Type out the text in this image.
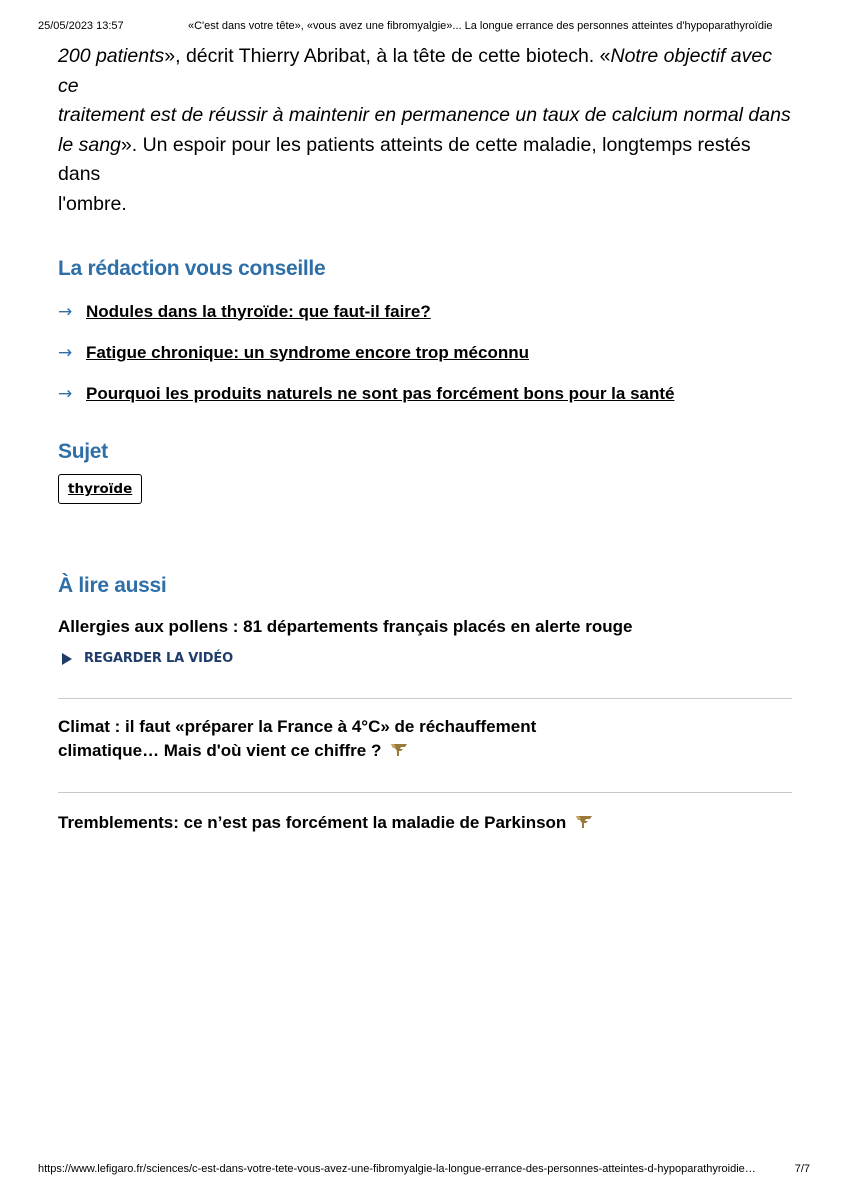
25/05/2023 13:57	«C'est dans votre tête», «vous avez une fibromyalgie»... La longue errance des personnes atteintes d'hypoparathyroïdie

200 patients», décrit Thierry Abribat, à la tête de cette biotech. «Notre objectif avec ce
traitement est de réussir à maintenir en permanence un taux de calcium normal dans
le sang». Un espoir pour les patients atteints de cette maladie, longtemps restés dans
l'ombre.

La rédaction vous conseille
→ Nodules dans la thyroïde: que faut-il faire?
→ Fatigue chronique: un syndrome encore trop méconnu
→ Pourquoi les produits naturels ne sont pas forcément bons pour la santé
Sujet
thyroïde
À lire aussi

Allergies aux pollens : 81 départements français placés en alerte rouge

REGARDER LA VIDÉO

Climat : il faut «préparer la France à 4°C» de réchauffement
climatique… Mais d'où vient ce chiffre ?

Tremblements: ce n’est pas forcément la maladie de Parkinson

https://www.lefigaro.fr/sciences/c-est-dans-votre-tete-vous-avez-une-fibromyalgie-la-longue-errance-des-personnes-atteintes-d-hypoparathyroidie…	7/7
